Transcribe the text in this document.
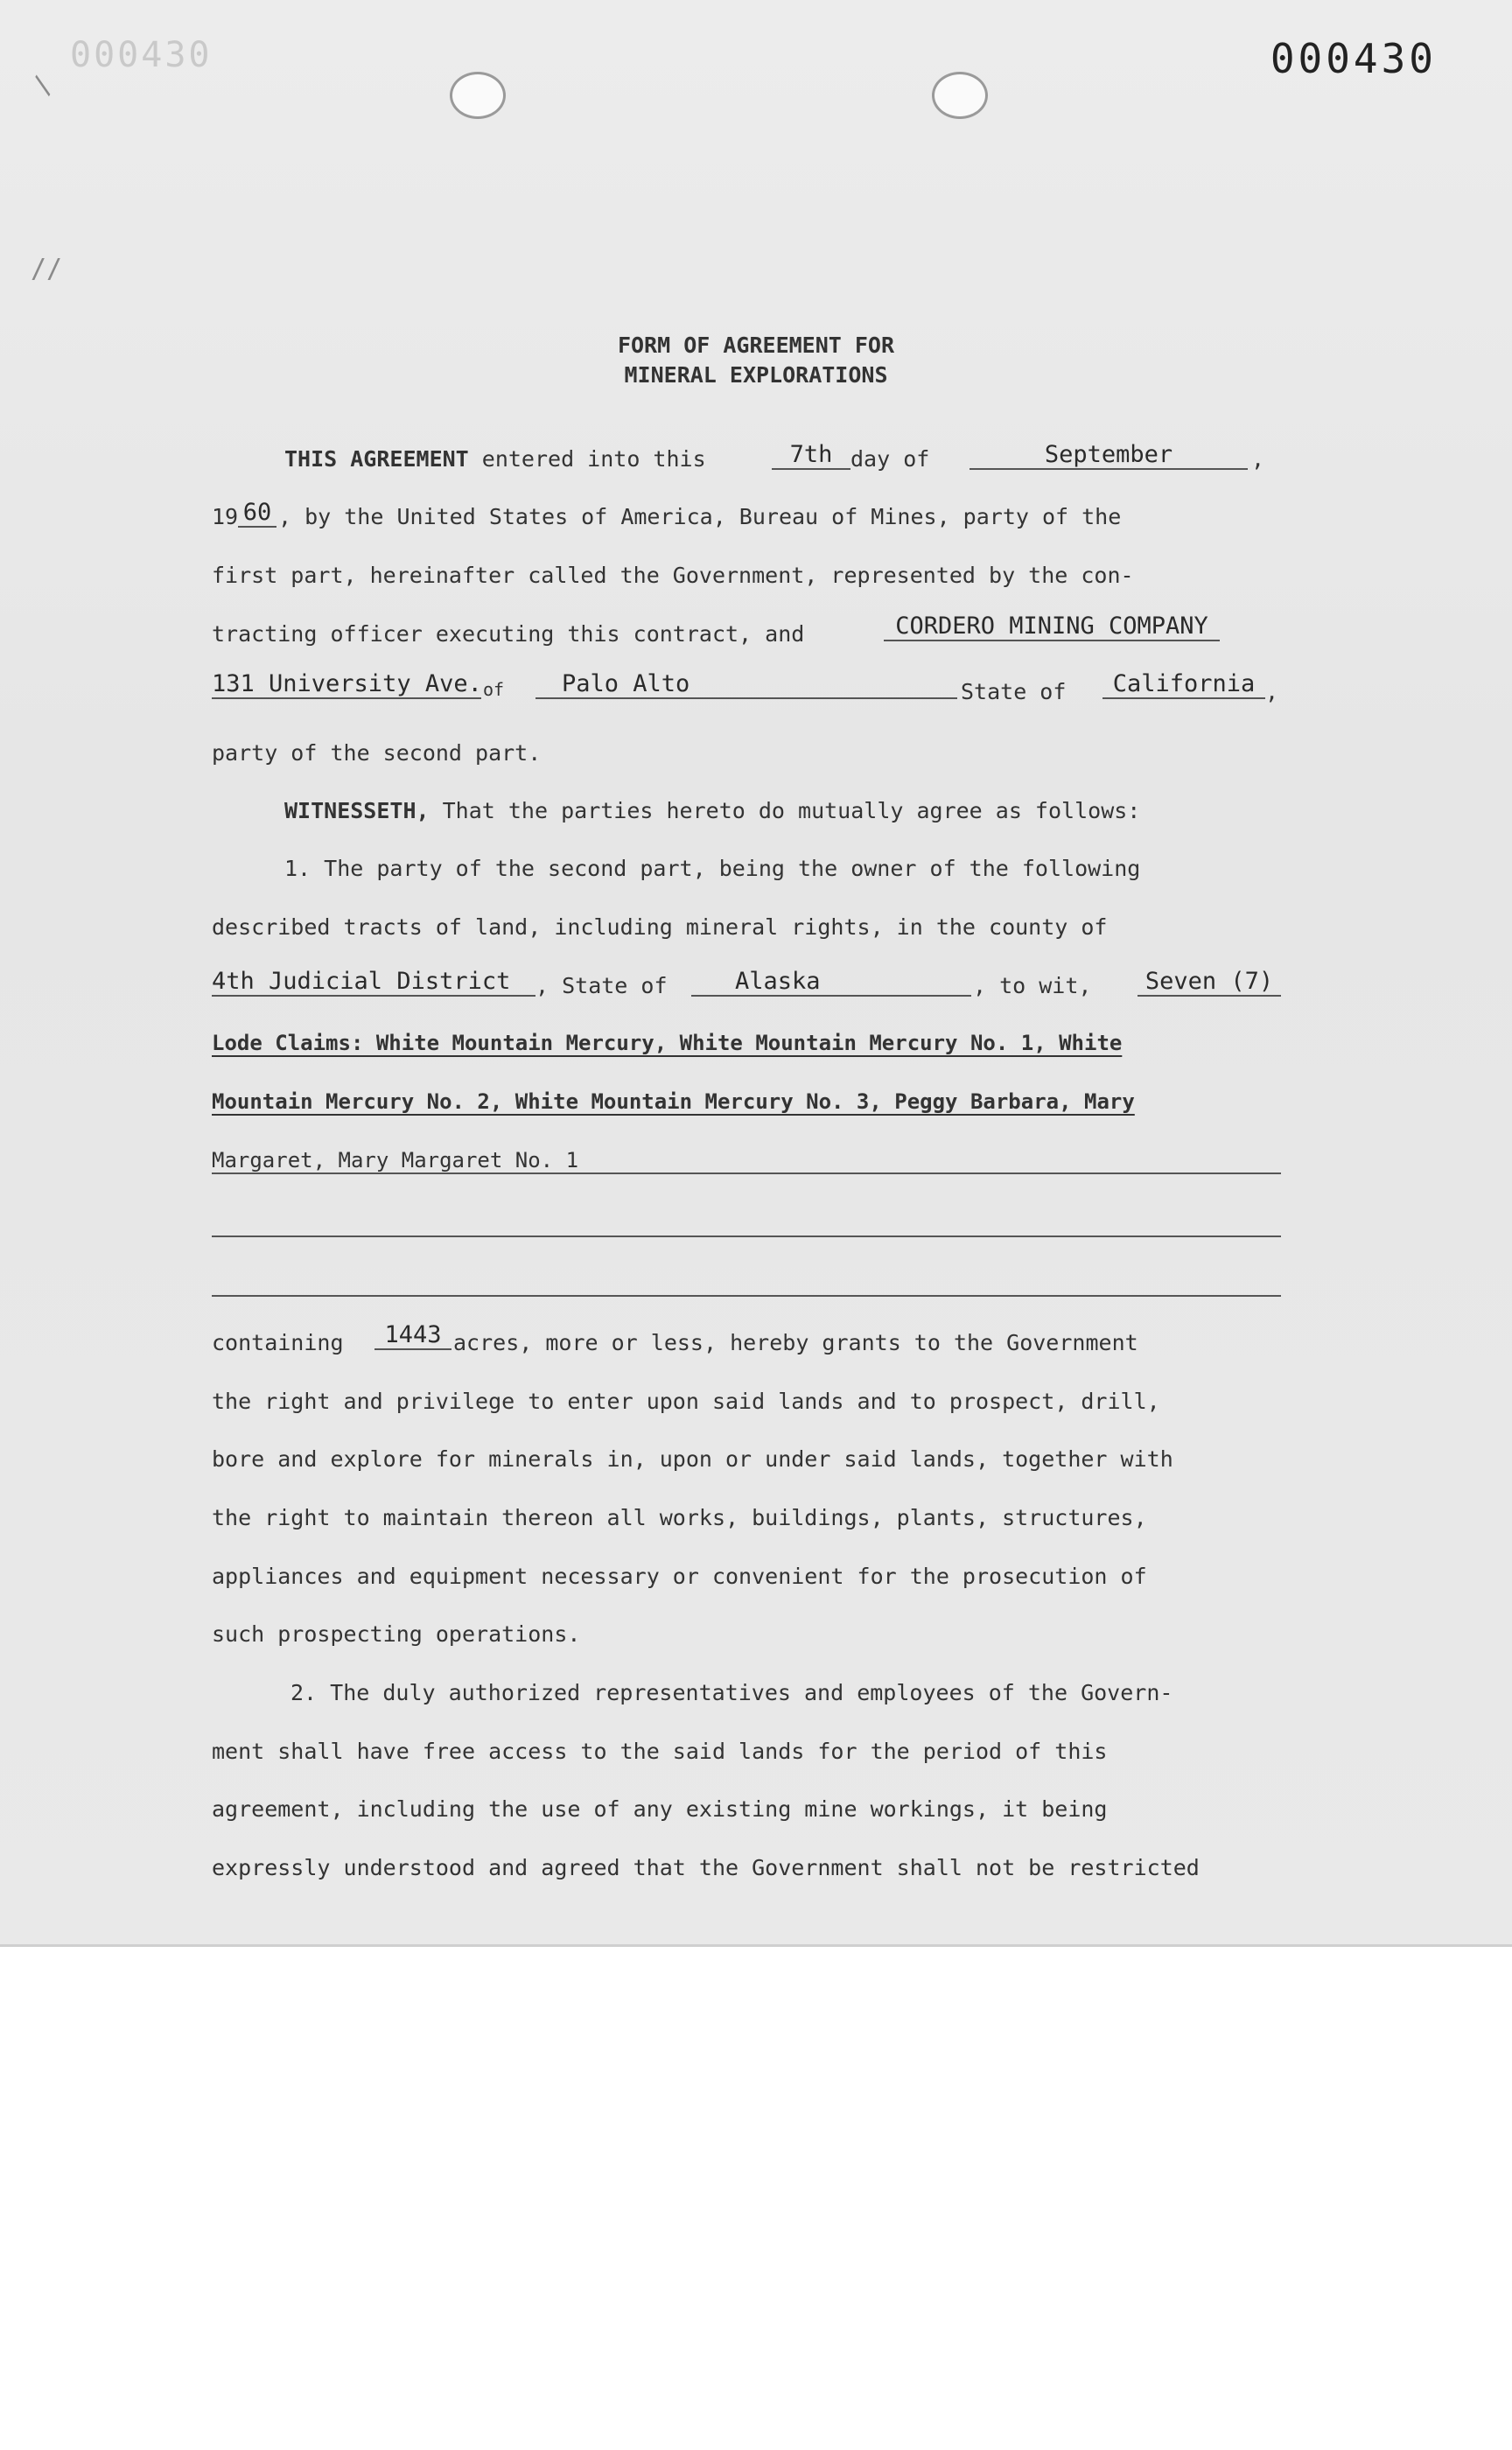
000430	000430
/
//
FORM OF AGREEMENT FOR
MINERAL EXPLORATIONS
THIS AGREEMENT entered into this	7th day of	September	,
19 60 , by the United States of America, Bureau of Mines, party of the
first part, hereinafter called the Government, represented by the con-
tracting officer executing this contract, and	CORDERO MINING COMPANY
131 University Ave. of	Palo Alto	State of	California ,
party of the second part.
WITNESSETH, That the parties hereto do mutually agree as follows:
1. The party of the second part, being the owner of the following
described tracts of land, including mineral rights, in the county of
4th Judicial District	, State of	Alaska	, to wit,	Seven (7)
Lode Claims: White Mountain Mercury, White Mountain Mercury No. 1, White
Mountain Mercury No. 2, White Mountain Mercury No. 3, Peggy Barbara, Mary
Margaret, Mary Margaret No. 1
containing	1443 acres, more or less, hereby grants to the Government
the right and privilege to enter upon said lands and to prospect, drill,
bore and explore for minerals in, upon or under said lands, together with
the right to maintain thereon all works, buildings, plants, structures,
appliances and equipment necessary or convenient for the prosecution of
such prospecting operations.
2. The duly authorized representatives and employees of the Govern-
ment shall have free access to the said lands for the period of this
agreement, including the use of any existing mine workings, it being
expressly understood and agreed that the Government shall not be restricted
